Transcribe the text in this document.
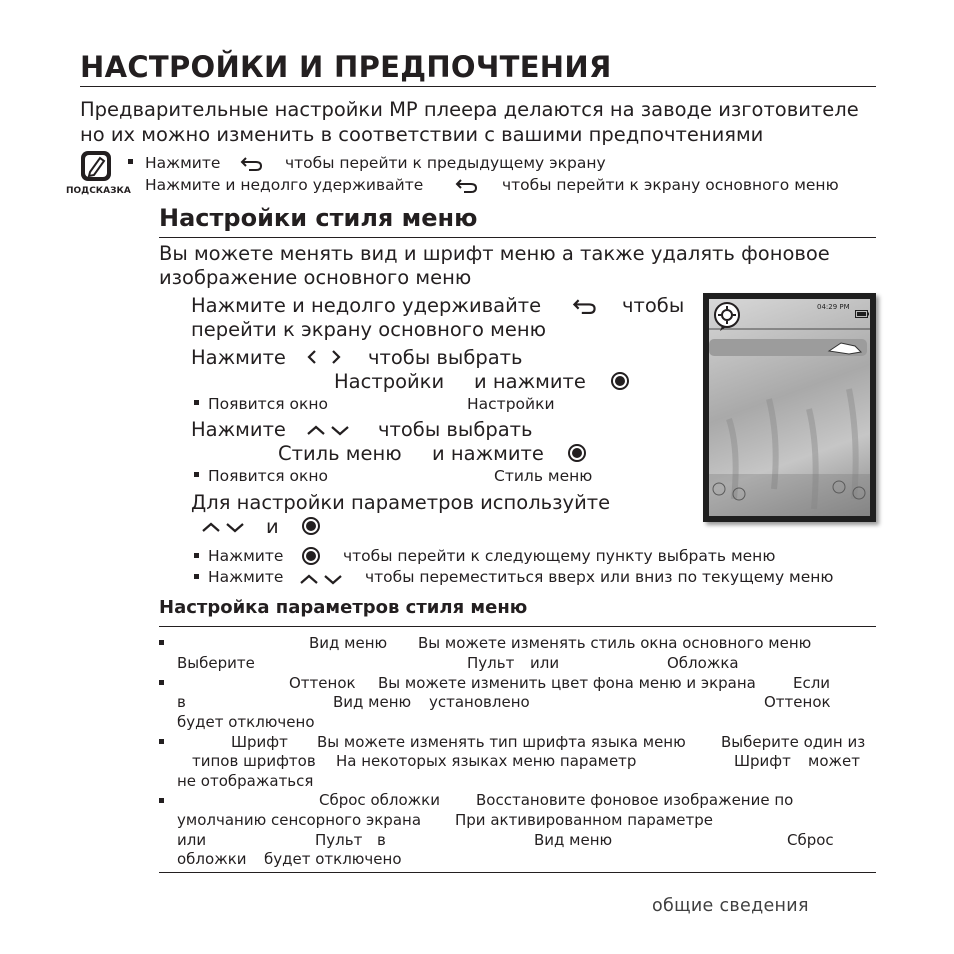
НАСТРОЙКИ И ПРЕДПОЧТЕНИЯ
Предварительные настройки MP плеера делаются на заводе изготовителе
но их можно изменить в соответствии с вашими предпочтениями
ПОДСКАЗКА
Нажмите	чтобы перейти к предыдущему экрану
Нажмите и недолго удерживайте	чтобы перейти к экрану основного меню
Настройки стиля меню
Вы можете менять вид и шрифт меню а также удалять фоновое
изображение основного меню
Нажмите и недолго удерживайте	чтобы
перейти к экрану основного меню
Нажмите	чтобы выбрать
Настройки и нажмите
Появится окно	Настройки
Нажмите	чтобы выбрать
Стиль меню и нажмите
Появится окно	Стиль меню
Для настройки параметров используйте
и
Нажмите	чтобы перейти к следующему пункту выбрать меню
Нажмите	чтобы переместиться вверх или вниз по текущему меню
04:29 PM
Настройка параметров стиля меню
Вид меню Вы можете изменять стиль окна основного меню
Выберите	Пульт или	Обложка
Оттенок Вы можете изменить цвет фона меню и экрана Если
в	Вид меню установлено	Оттенок
будет отключено
Шрифт Вы можете изменять тип шрифта языка меню Выберите один из
типов шрифтов На некоторых языках меню параметр	Шрифт может
не отображаться
Сброс обложки Восстановите фоновое изображение по
умолчанию сенсорного экрана При активированном параметре
или	Пульт в	Вид меню	Сброс
обложки будет отключено
общие сведения
